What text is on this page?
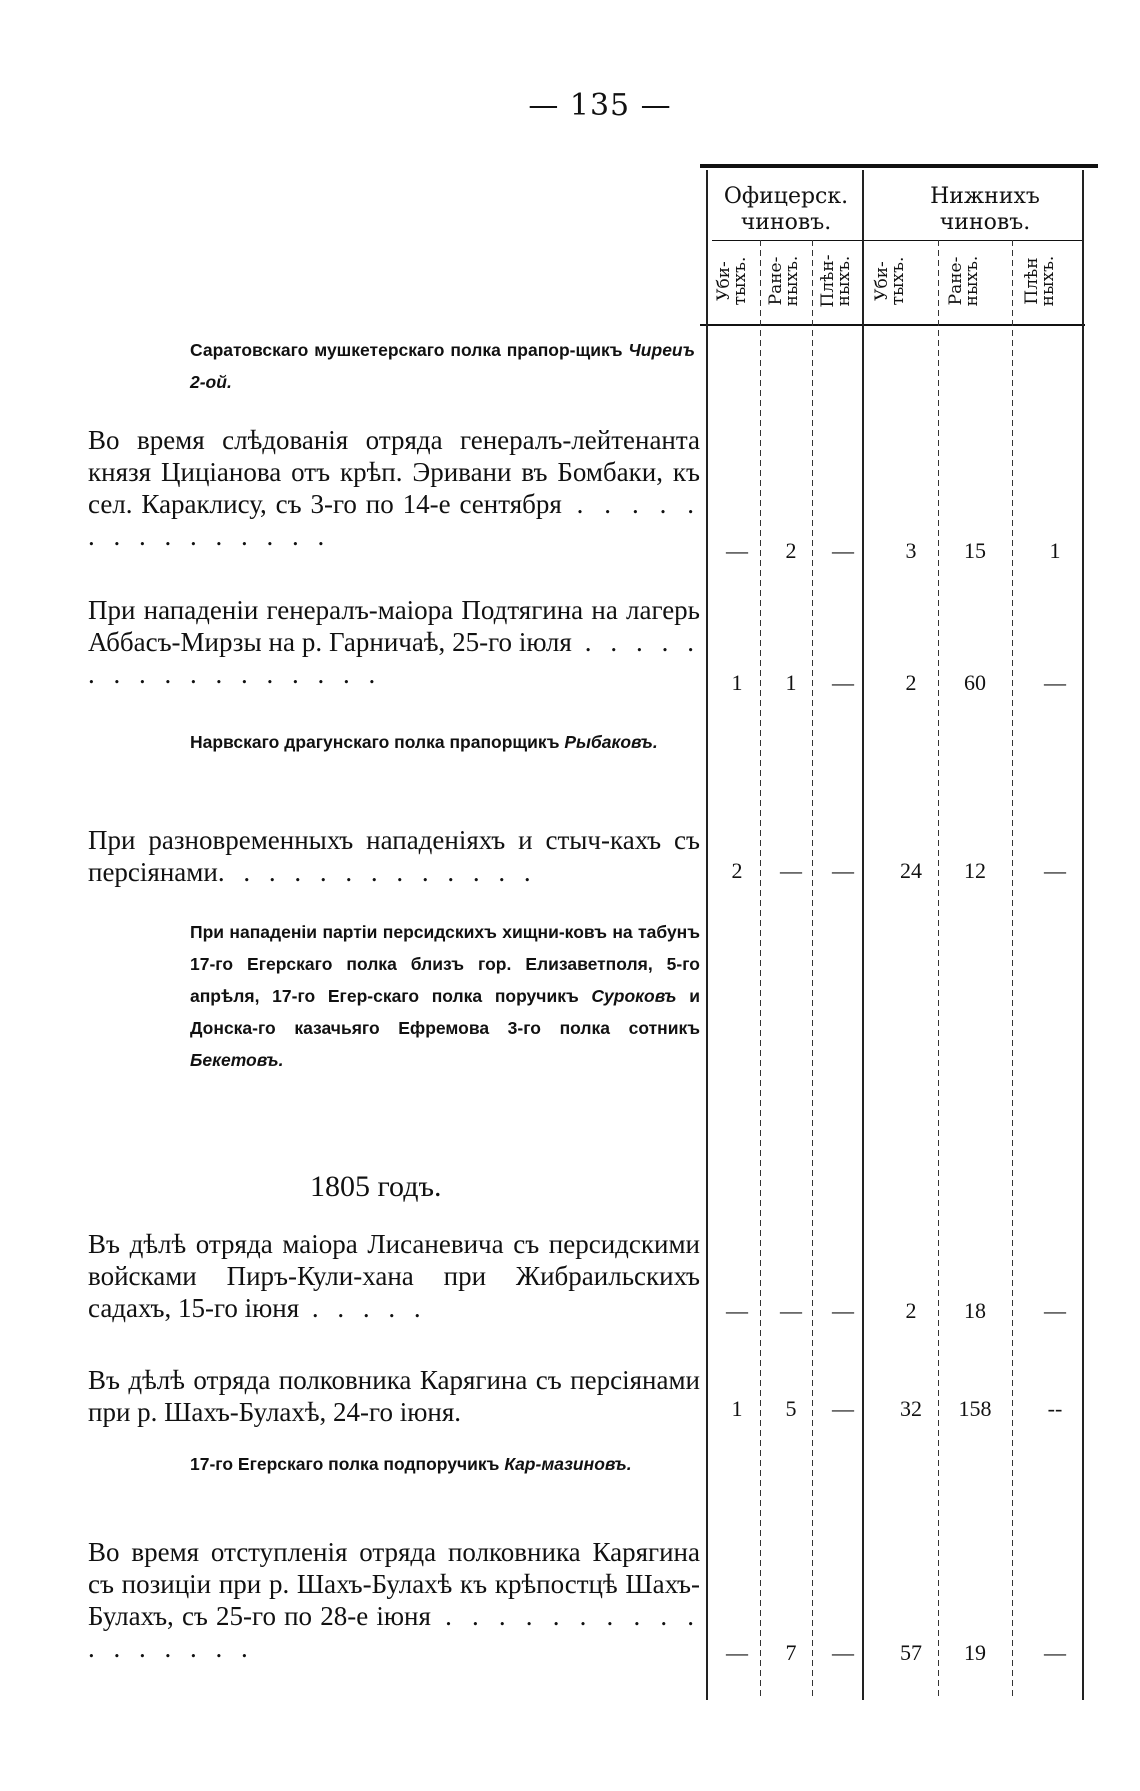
— 135 —
Офицерск. чиновъ.
Нижнихъ чиновъ.
Уби-тыхъ. Ране-ныхъ. Плѣн-ныхъ. Уби-тыхъ. Ране-ныхъ. Плѣн ныхъ.
Саратовскаго мушкетерскаго полка прапор-щикъ Чиреиъ 2-ой.
Во время слѣдованія отряда генералъ-лейтенанта князя Цицiанова отъ крѣп. Эривани въ Бомбаки, къ сел. Караклису, съ 3-го по 14-е сентября . . . . . . . . . . . . . . .	—	2	—	3	15	1
При нападеніи генералъ-маіора Подтягина на лагерь Аббасъ-Мирзы на р. Гарничаѣ, 25-го іюля . . . . . . . . . . . . . . . . .	1	1	—	2	60	—
Нарвскаго драгунскаго полка прапорщикъ Рыбаковъ.
При разновременныхъ нападеніяхъ и стыч-кахъ съ персіянами. . . . . . . . . . . . .	2	—	—	24	12	—
При нападеніи партіи персидскихъ хищни-ковъ на табунъ 17-го Егерскаго полка близъ гор. Елизаветполя, 5-го апрѣля, 17-го Егер-скаго полка поручикъ Суроковъ и Донска-го казачьяго Ефремова 3-го полка сотникъ Бекетовъ.
1805 годъ.
Въ дѣлѣ отряда маіора Лисаневича съ персидскими войсками Пиръ-Кули-хана при Жибраильскихъ садахъ, 15-го іюня . . . . .	—	—	—	2	18	—
Въ дѣлѣ отряда полковника Карягина съ персіянами при р. Шахъ-Булахѣ, 24-го іюня.	1	5	—	32	158	--
17-го Егерскаго полка подпоручикъ Кар-мазиновъ.
Во время отступленія отряда полковника Карягина съ позиціи при р. Шахъ-Булахѣ къ крѣпостцѣ Шахъ-Булахъ, съ 25-го по 28-е іюня . . . . . . . . . . . . . . . . .	—	7	—	57	19	—
